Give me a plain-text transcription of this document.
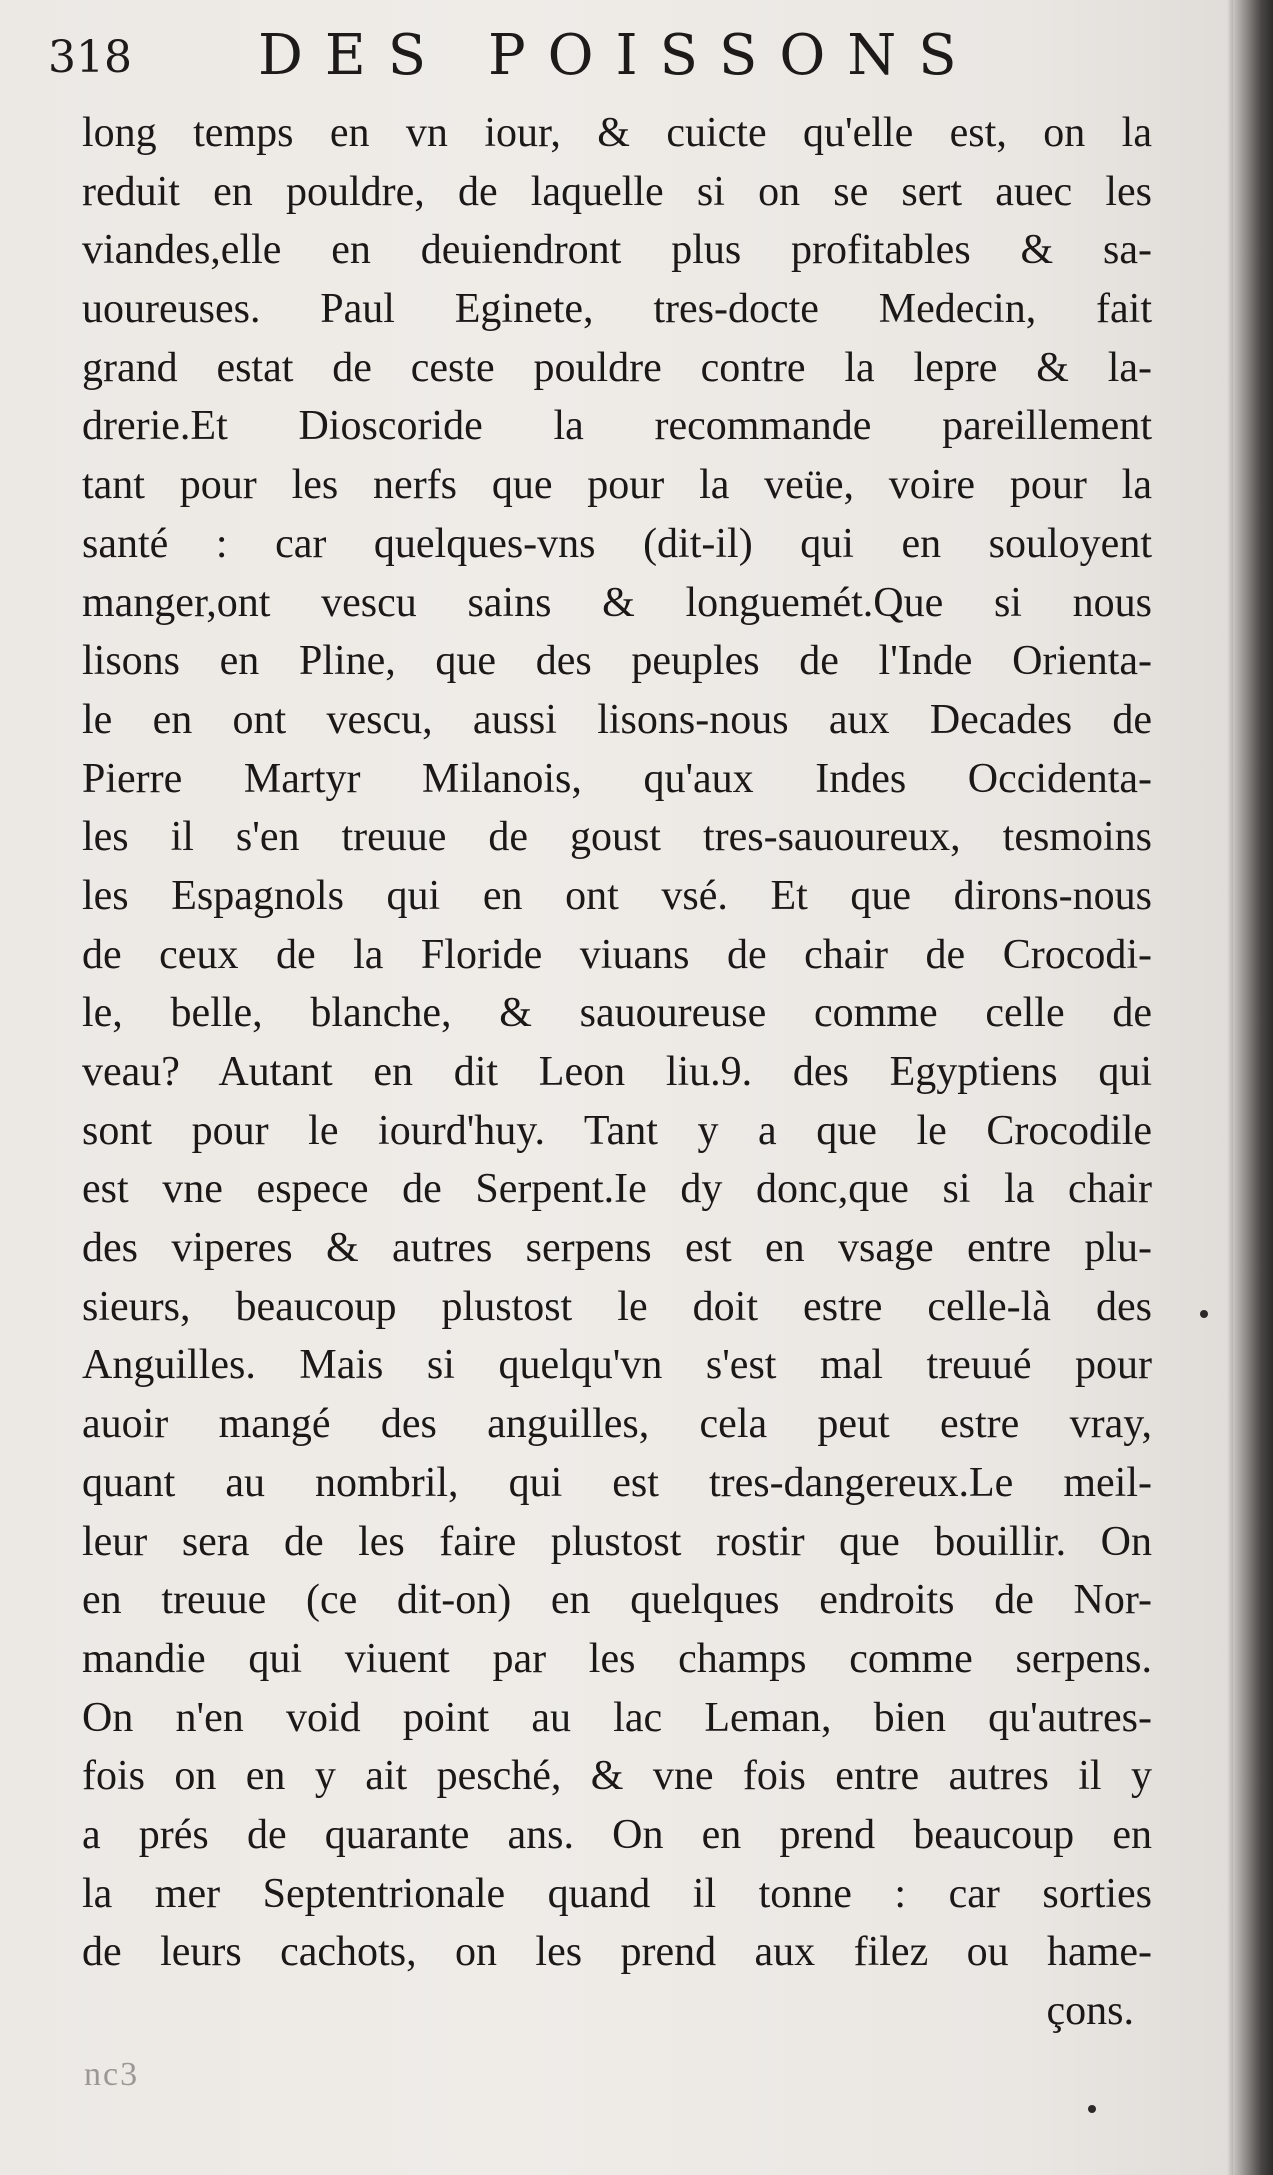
318 DES POISSONS
long temps en vn iour, & cuicte qu'elle est, on la
reduit en pouldre, de laquelle si on se sert auec les
viandes,elle en deuiendront plus profitables & sa-
uoureuses. Paul Eginete, tres-docte Medecin, fait
grand estat de ceste pouldre contre la lepre & la-
drerie.Et Dioscoride la recommande pareillement
tant pour les nerfs que pour la veüe, voire pour la
santé : car quelques-vns (dit-il) qui en souloyent
manger,ont vescu sains & longuemét.Que si nous
lisons en Pline, que des peuples de l'Inde Orienta-
le en ont vescu, aussi lisons-nous aux Decades de
Pierre Martyr Milanois, qu'aux Indes Occidenta-
les il s'en treuue de goust tres-sauoureux, tesmoins
les Espagnols qui en ont vsé. Et que dirons-nous
de ceux de la Floride viuans de chair de Crocodi-
le, belle, blanche, & sauoureuse comme celle de
veau? Autant en dit Leon liu.9. des Egyptiens qui
sont pour le iourd'huy. Tant y a que le Crocodile
est vne espece de Serpent.Ie dy donc,que si la chair
des viperes & autres serpens est en vsage entre plu-
sieurs, beaucoup plustost le doit estre celle-là des
Anguilles. Mais si quelqu'vn s'est mal treuué pour
auoir mangé des anguilles, cela peut estre vray,
quant au nombril, qui est tres-dangereux.Le meil-
leur sera de les faire plustost rostir que bouillir. On
en treuue (ce dit-on) en quelques endroits de Nor-
mandie qui viuent par les champs comme serpens.
On n'en void point au lac Leman, bien qu'autres-
fois on en y ait pesché, & vne fois entre autres il y
a prés de quarante ans. On en prend beaucoup en
la mer Septentrionale quand il tonne : car sorties
de leurs cachots, on les prend aux filez ou hame-
çons.
nc3
